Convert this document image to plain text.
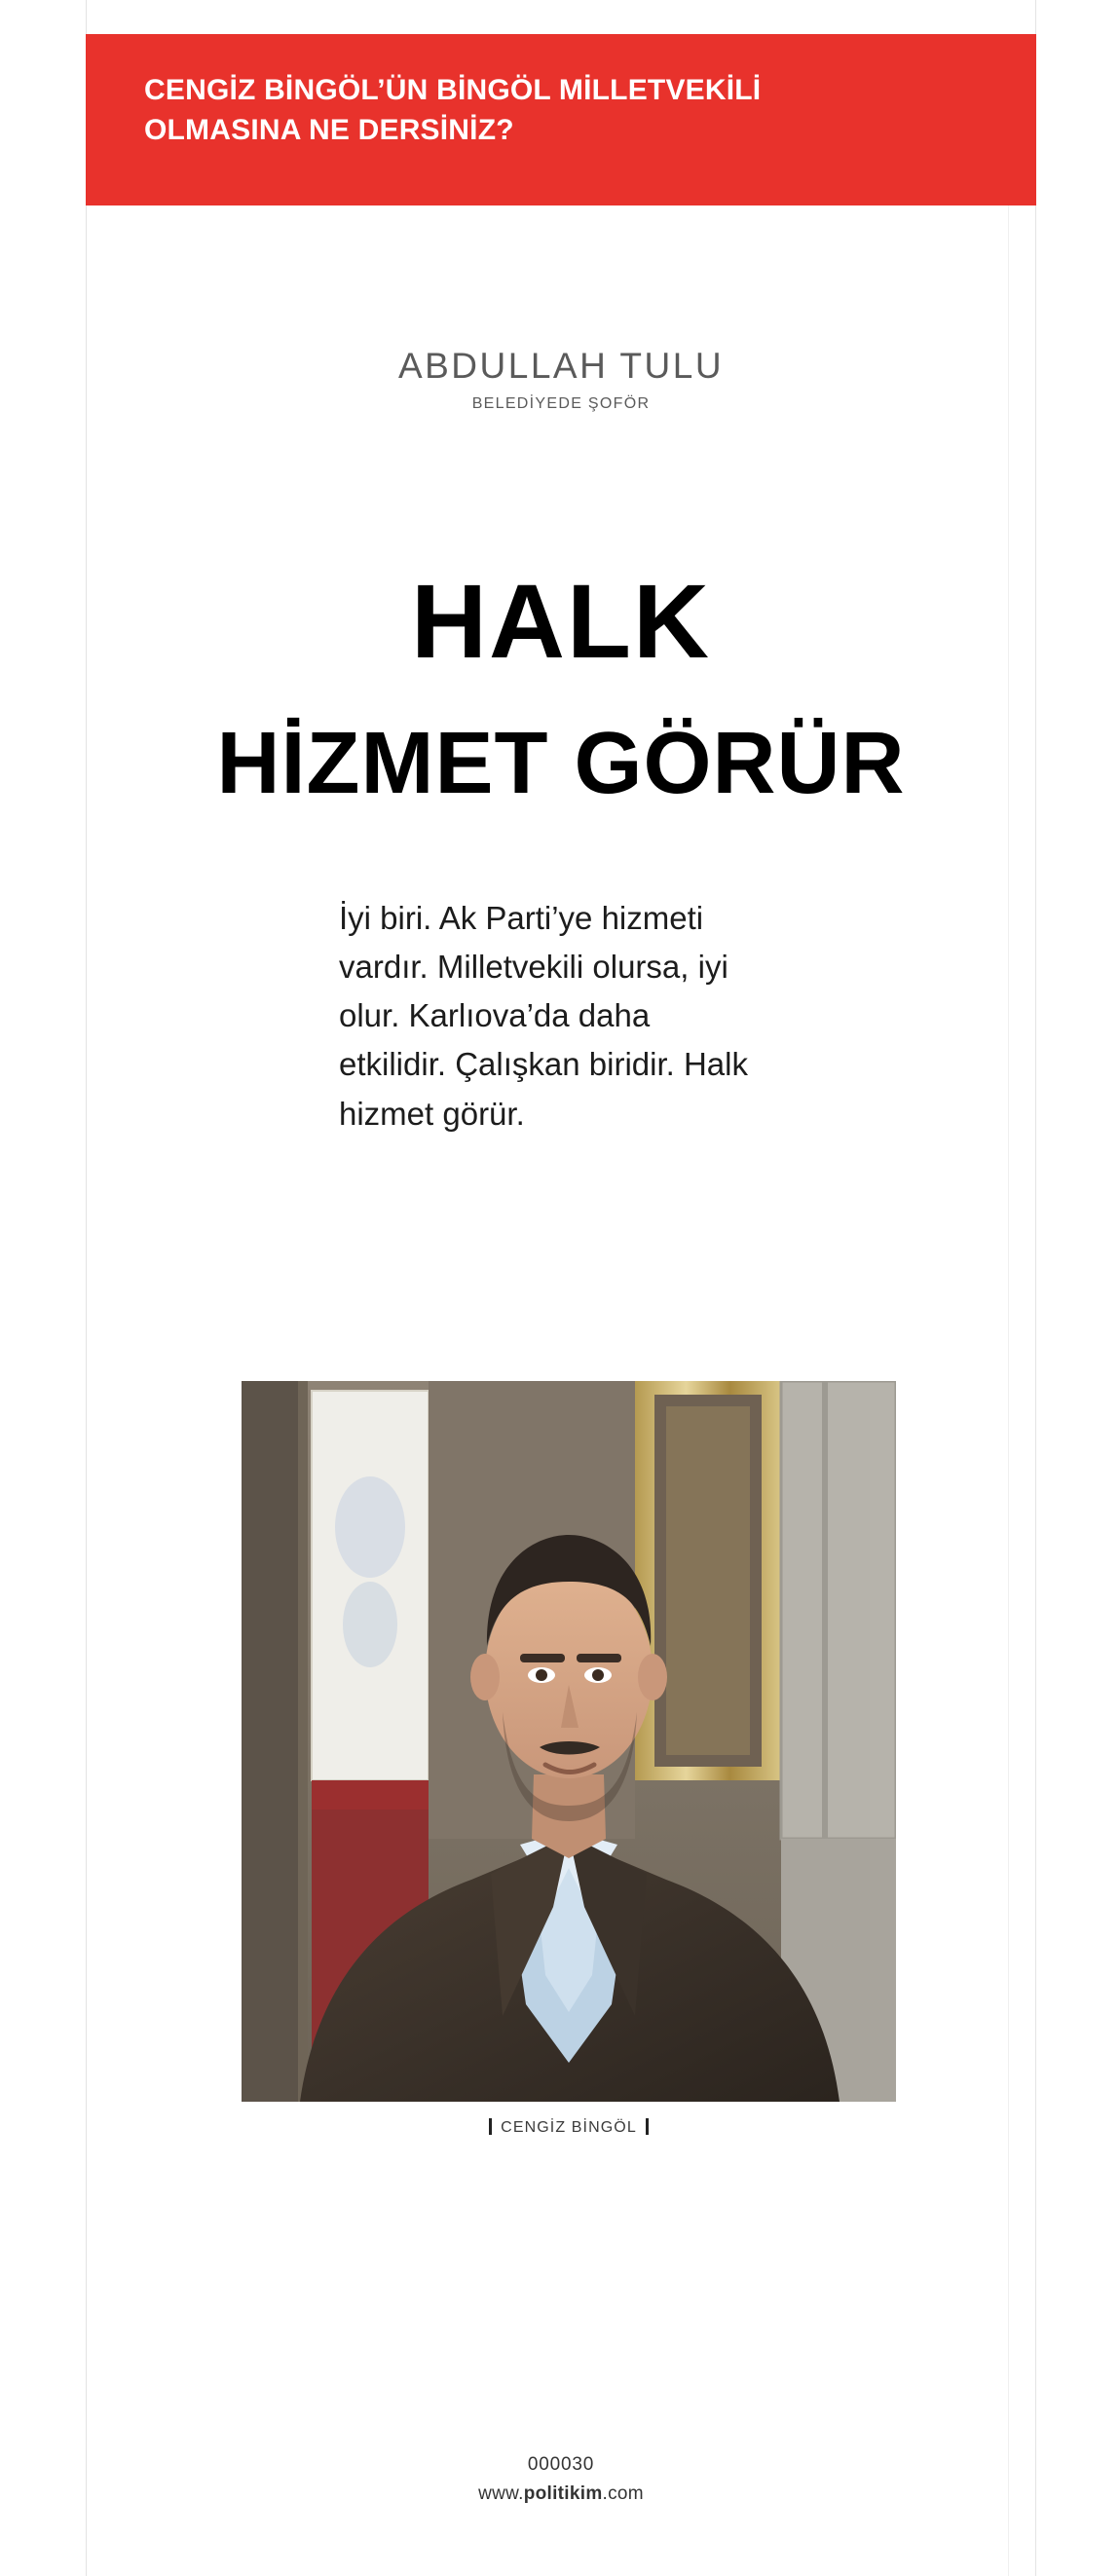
CENGİZ BİNGÖL’ÜN BİNGÖL MİLLETVEKİLİ OLMASINA NE DERSİNİZ?
ABDULLAH TULU
BELEDİYEDE ŞOFÖR
HALK
HİZMET GÖRÜR
İyi biri. Ak Parti’ye hizmeti vardır. Milletvekili olursa, iyi olur. Karlıova’da daha etkilidir. Çalışkan biridir. Halk hizmet görür.
CENGİZ BİNGÖL
000030
www.politikim.com
